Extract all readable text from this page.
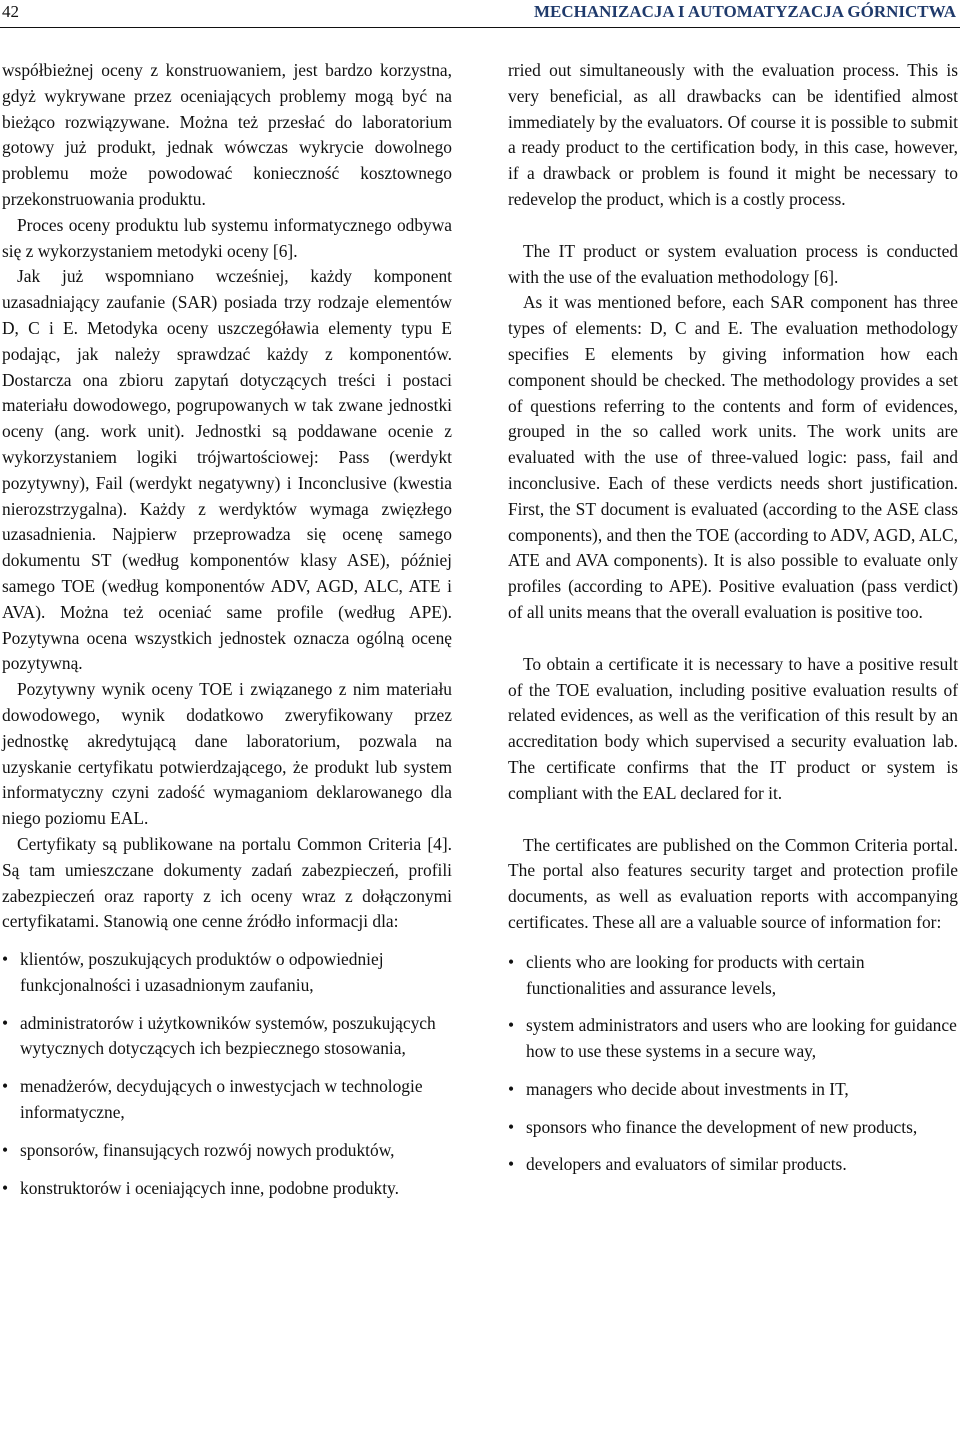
42	MECHANIZACJA I AUTOMATYZACJA GÓRNICTWA

współbieżnej oceny z konstruowaniem, jest bardzo korzystna, gdyż wykrywane przez oceniających problemy mogą być na bieżąco rozwiązywane. Można też przesłać do laboratorium gotowy już produkt, jednak wówczas wykrycie dowolnego problemu może powodować konieczność kosztownego przekonstruowania produktu.

Proces oceny produktu lub systemu informatycznego odbywa się z wykorzystaniem metodyki oceny [6].

Jak już wspomniano wcześniej, każdy komponent uzasadniający zaufanie (SAR) posiada trzy rodzaje elementów D, C i E. Metodyka oceny uszczegóławia elementy typu E podając, jak należy sprawdzać każdy z komponentów. Dostarcza ona zbioru zapytań dotyczących treści i postaci materiału dowodowego, pogrupowanych w tak zwane jednostki oceny (ang. work unit). Jednostki są poddawane ocenie z wykorzystaniem logiki trójwartościowej: Pass (werdykt pozytywny), Fail (werdykt negatywny) i Inconclusive (kwestia nierozstrzygalna). Każdy z werdyktów wymaga zwięzłego uzasadnienia. Najpierw przeprowadza się ocenę samego dokumentu ST (według komponentów klasy ASE), później samego TOE (według komponentów ADV, AGD, ALC, ATE i AVA). Można też oceniać same profile (według APE). Pozytywna ocena wszystkich jednostek oznacza ogólną ocenę pozytywną.

Pozytywny wynik oceny TOE i związanego z nim materiału dowodowego, wynik dodatkowo zweryfikowany przez jednostkę akredytującą dane laboratorium, pozwala na uzyskanie certyfikatu potwierdzającego, że produkt lub system informatyczny czyni zadość wymaganiom deklarowanego dla niego poziomu EAL.

Certyfikaty są publikowane na portalu Common Criteria [4]. Są tam umieszczane dokumenty zadań zabezpieczeń, profili zabezpieczeń oraz raporty z ich oceny wraz z dołączonymi certyfikatami. Stanowią one cenne źródło informacji dla:

• klientów, poszukujących produktów o odpowiedniej funkcjonalności i uzasadnionym zaufaniu,
• administratorów i użytkowników systemów, poszukujących wytycznych dotyczących ich bezpiecznego stosowania,
• menadżerów, decydujących o inwestycjach w technologie informatyczne,
• sponsorów, finansujących rozwój nowych produktów,
• konstruktorów i oceniających inne, podobne produkty.

rried out simultaneously with the evaluation process. This is very beneficial, as all drawbacks can be identified almost immediately by the evaluators. Of course it is possible to submit a ready product to the certification body, in this case, however, if a drawback or problem is found it might be necessary to redevelop the product, which is a costly process.

The IT product or system evaluation process is conducted with the use of the evaluation methodology [6].

As it was mentioned before, each SAR component has three types of elements: D, C and E. The evaluation methodology specifies E elements by giving information how each component should be checked. The methodology provides a set of questions referring to the contents and form of evidences, grouped in the so called work units. The work units are evaluated with the use of three-valued logic: pass, fail and inconclusive. Each of these verdicts needs short justification. First, the ST document is evaluated (according to the ASE class components), and then the TOE (according to ADV, AGD, ALC, ATE and AVA components). It is also possible to evaluate only profiles (according to APE). Positive evaluation (pass verdict) of all units means that the overall evaluation is positive too.

To obtain a certificate it is necessary to have a positive result of the TOE evaluation, including positive evaluation results of related evidences, as well as the verification of this result by an accreditation body which supervised a security evaluation lab. The certificate confirms that the IT product or system is compliant with the EAL declared for it.

The certificates are published on the Common Criteria portal. The portal also features security target and protection profile documents, as well as evaluation reports with accompanying certificates. These all are a valuable source of information for:

• clients who are looking for products with certain functionalities and assurance levels,
• system administrators and users who are looking for guidance how to use these systems in a secure way,
• managers who decide about investments in IT,
• sponsors who finance the development of new products,
• developers and evaluators of similar products.
